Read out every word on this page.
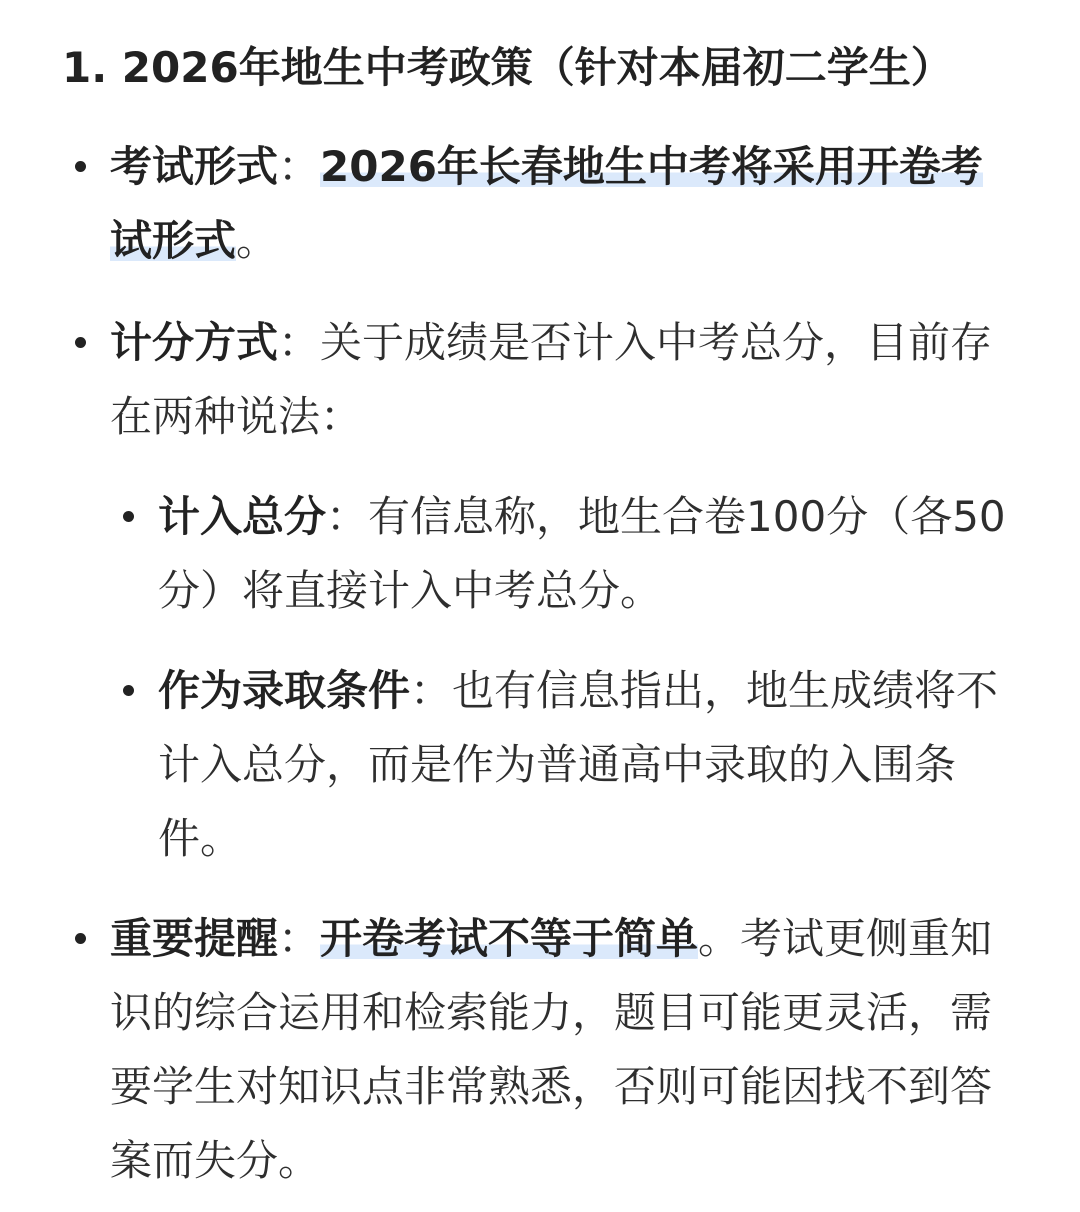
1. 2026年地生中考政策（针对本届初二学生）
考试形式：2026年长春地生中考将采用开卷考试形式。
计分方式：关于成绩是否计入中考总分，目前存在两种说法：
计入总分：有信息称，地生合卷100分（各50分）将直接计入中考总分。
作为录取条件：也有信息指出，地生成绩将不计入总分，而是作为普通高中录取的入围条件。
重要提醒：开卷考试不等于简单。考试更侧重知识的综合运用和检索能力，题目可能更灵活，需要学生对知识点非常熟悉，否则可能因找不到答案而失分。
